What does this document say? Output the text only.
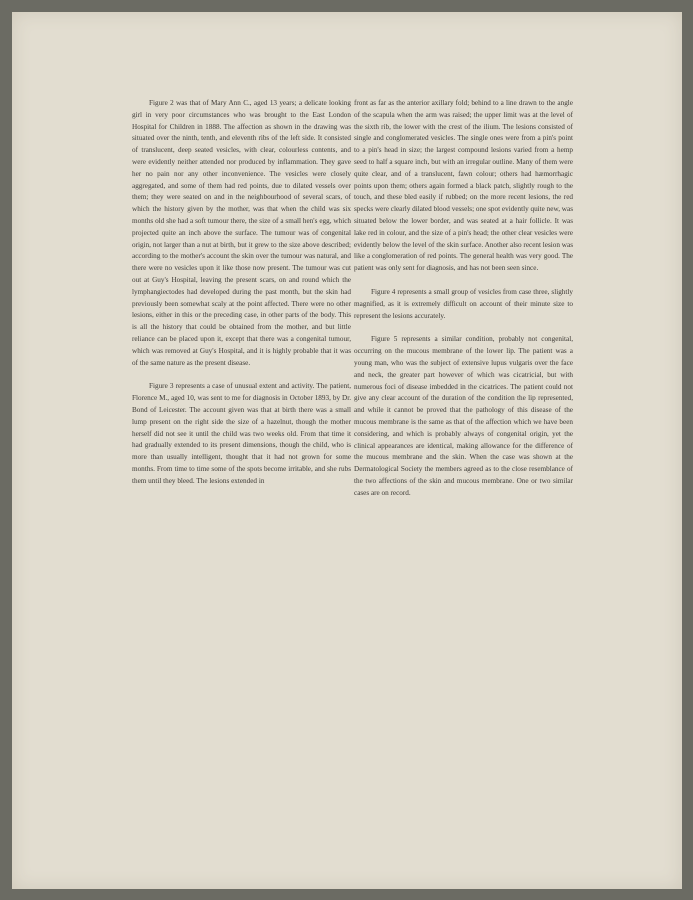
Figure 2 was that of Mary Ann C., aged 13 years; a delicate looking girl in very poor circumstances who was brought to the East London Hospital for Children in 1888. The affection as shown in the drawing was situated over the ninth, tenth, and eleventh ribs of the left side. It consisted of translucent, deep seated vesicles, with clear, colourless contents, and were evidently neither attended nor produced by inflammation. They gave her no pain nor any other inconvenience. The vesicles were closely aggregated, and some of them had red points, due to dilated vessels over them; they were seated on and in the neighbourhood of several scars, of which the history given by the mother, was that when the child was six months old she had a soft tumour there, the size of a small hen's egg, which projected quite an inch above the surface. The tumour was of congenital origin, not larger than a nut at birth, but it grew to the size above described; according to the mother's account the skin over the tumour was natural, and there were no vesicles upon it like those now present. The tumour was cut out at Guy's Hospital, leaving the present scars, on and round which the lymphangiectodes had developed during the past month, but the skin had previously been somewhat scaly at the point affected. There were no other lesions, either in this or the preceding case, in other parts of the body. This is all the history that could be obtained from the mother, and but little reliance can be placed upon it, except that there was a congenital tumour, which was removed at Guy's Hospital, and it is highly probable that it was of the same nature as the present disease.

Figure 3 represents a case of unusual extent and activity. The patient, Florence M., aged 10, was sent to me for diagnosis in October 1893, by Dr. Bond of Leicester. The account given was that at birth there was a small lump present on the right side the size of a hazelnut, though the mother herself did not see it until the child was two weeks old. From that time it had gradually extended to its present dimensions, though the child, who is more than usually intelligent, thought that it had not grown for some months. From time to time some of the spots become irritable, and she rubs them until they bleed. The lesions extended in

front as far as the anterior axillary fold; behind to a line drawn to the angle of the scapula when the arm was raised; the upper limit was at the level of the sixth rib, the lower with the crest of the ilium. The lesions consisted of single and conglomerated vesicles. The single ones were from a pin's point to a pin's head in size; the largest compound lesions varied from a hemp seed to half a square inch, but with an irregular outline. Many of them were quite clear, and of a translucent, fawn colour; others had hæmorrhagic points upon them; others again formed a black patch, slightly rough to the touch, and these bled easily if rubbed; on the more recent lesions, the red specks were clearly dilated blood vessels; one spot evidently quite new, was situated below the lower border, and was seated at a hair follicle. It was lake red in colour, and the size of a pin's head; the other clear vesicles were evidently below the level of the skin surface. Another also recent lesion was like a conglomeration of red points. The general health was very good. The patient was only sent for diagnosis, and has not been seen since.

Figure 4 represents a small group of vesicles from case three, slightly magnified, as it is extremely difficult on account of their minute size to represent the lesions accurately.

Figure 5 represents a similar condition, probably not congenital, occurring on the mucous membrane of the lower lip. The patient was a young man, who was the subject of extensive lupus vulgaris over the face and neck, the greater part however of which was cicatricial, but with numerous foci of disease imbedded in the cicatrices. The patient could not give any clear account of the duration of the condition the lip represented, and while it cannot be proved that the pathology of this disease of the mucous membrane is the same as that of the affection which we have been considering, and which is probably always of congenital origin, yet the clinical appearances are identical, making allowance for the difference of the mucous membrane and the skin. When the case was shown at the Dermatological Society the members agreed as to the close resemblance of the two affections of the skin and mucous membrane. One or two similar cases are on record.
